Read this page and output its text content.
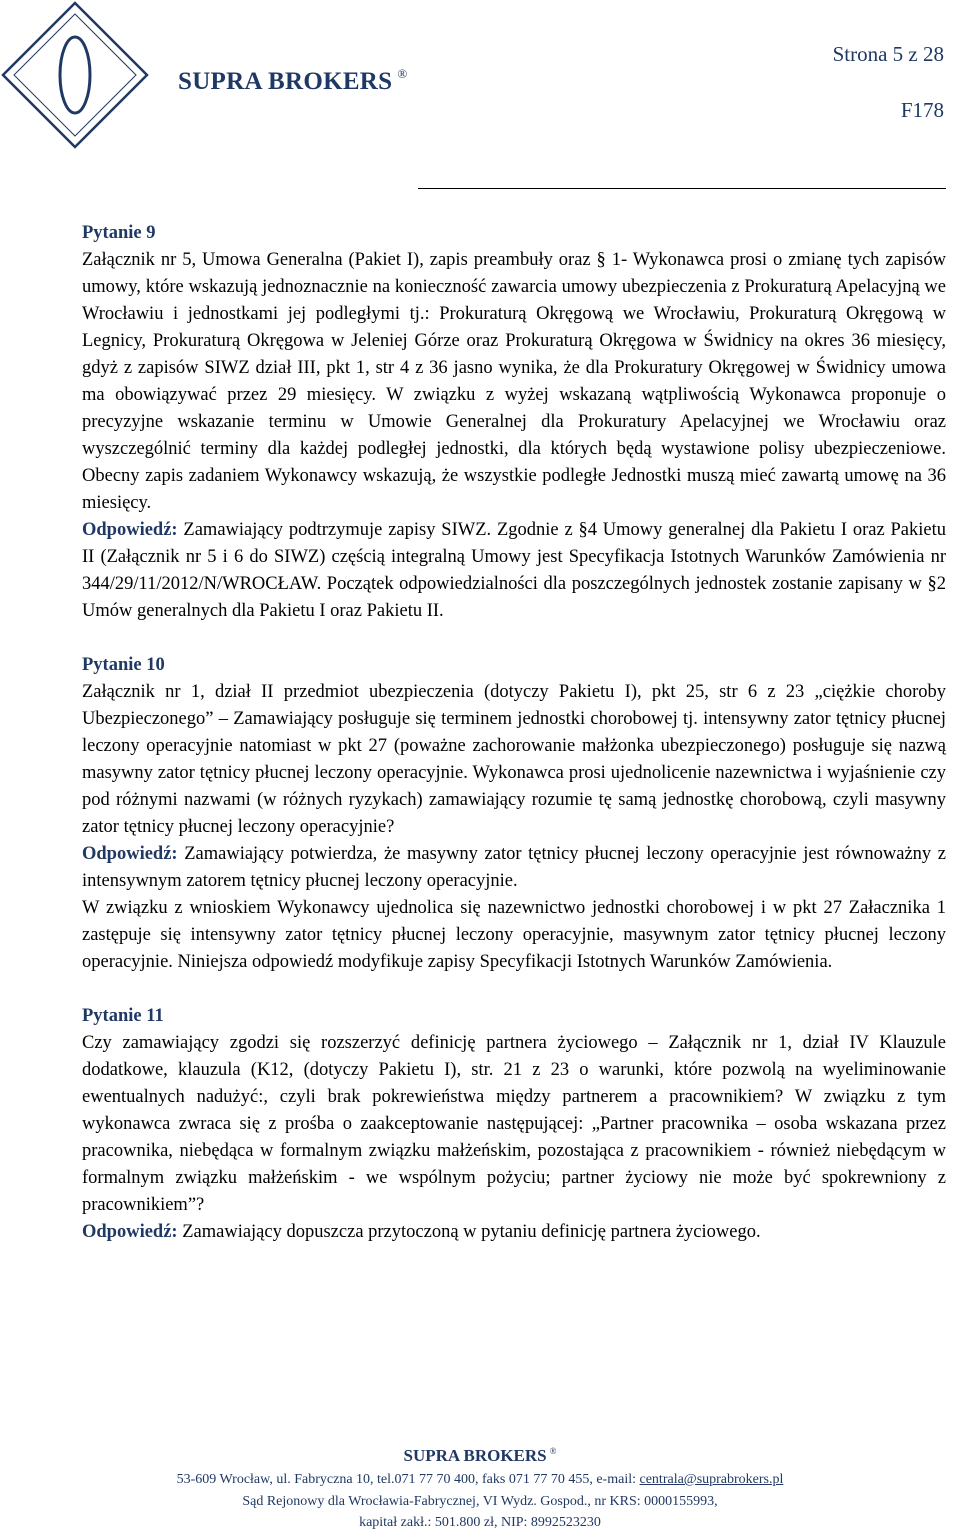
SUPRA BROKERS ®
Strona 5 z 28
F178
Pytanie 9

Załącznik nr 5, Umowa Generalna (Pakiet I), zapis preambuły oraz § 1- Wykonawca prosi o zmianę tych zapisów umowy, które wskazują jednoznacznie na konieczność zawarcia umowy ubezpieczenia z Prokuraturą Apelacyjną we Wrocławiu i jednostkami jej podległymi tj.: Prokuraturą Okręgową we Wrocławiu, Prokuraturą Okręgową w Legnicy, Prokuraturą Okręgowa w Jeleniej Górze oraz Prokuraturą Okręgowa w Świdnicy na okres 36 miesięcy, gdyż z zapisów SIWZ dział III, pkt 1, str 4 z 36 jasno wynika, że dla Prokuratury Okręgowej w Świdnicy umowa ma obowiązywać przez 29 miesięcy. W związku z wyżej wskazaną wątpliwością Wykonawca proponuje o precyzyjne wskazanie terminu w Umowie Generalnej dla Prokuratury Apelacyjnej we Wrocławiu oraz wyszczególnić terminy dla każdej podległej jednostki, dla których będą wystawione polisy ubezpieczeniowe. Obecny zapis zadaniem Wykonawcy wskazują, że wszystkie podległe Jednostki muszą mieć zawartą umowę na 36 miesięcy.

Odpowiedź: Zamawiający podtrzymuje zapisy SIWZ. Zgodnie z §4 Umowy generalnej dla Pakietu I oraz Pakietu II (Załącznik nr 5 i 6 do SIWZ) częścią integralną Umowy jest Specyfikacja Istotnych Warunków Zamówienia nr 344/29/11/2012/N/WROCŁAW. Początek odpowiedzialności dla poszczególnych jednostek zostanie zapisany w §2 Umów generalnych dla Pakietu I oraz Pakietu II.

Pytanie 10

Załącznik nr 1, dział II przedmiot ubezpieczenia (dotyczy Pakietu I), pkt 25, str 6 z 23 „ciężkie choroby Ubezpieczonego” – Zamawiający posługuje się terminem jednostki chorobowej tj. intensywny zator tętnicy płucnej leczony operacyjnie natomiast w pkt 27 (poważne zachorowanie małżonka ubezpieczonego) posługuje się nazwą masywny zator tętnicy płucnej leczony operacyjnie. Wykonawca prosi ujednolicenie nazewnictwa i wyjaśnienie czy pod różnymi nazwami (w różnych ryzykach) zamawiający rozumie tę samą jednostkę chorobową, czyli masywny zator tętnicy płucnej leczony operacyjnie?

Odpowiedź: Zamawiający potwierdza, że masywny zator tętnicy płucnej leczony operacyjnie jest równoważny z intensywnym zatorem tętnicy płucnej leczony operacyjnie.

W związku z wnioskiem Wykonawcy ujednolica się nazewnictwo jednostki chorobowej i w pkt 27 Załacznika 1 zastępuje się intensywny zator tętnicy płucnej leczony operacyjnie, masywnym zator tętnicy płucnej leczony operacyjnie. Niniejsza odpowiedź modyfikuje zapisy Specyfikacji Istotnych Warunków Zamówienia.

Pytanie 11

Czy zamawiający zgodzi się rozszerzyć definicję partnera życiowego – Załącznik nr 1, dział IV Klauzule dodatkowe, klauzula (K12, (dotyczy Pakietu I), str. 21 z 23 o warunki, które pozwolą na wyeliminowanie ewentualnych nadużyć:, czyli brak pokrewieństwa między partnerem a pracownikiem? W związku z tym wykonawca zwraca się z prośba o zaakceptowanie następującej: „Partner pracownika – osoba wskazana przez pracownika, niebędąca w formalnym związku małżeńskim, pozostająca z pracownikiem - również niebędącym w formalnym związku małżeńskim - we wspólnym pożyciu; partner życiowy nie może być spokrewniony z pracownikiem”?

Odpowiedź: Zamawiający dopuszcza przytoczoną w pytaniu definicję partnera życiowego.

SUPRA BROKERS ®
53-609 Wrocław, ul. Fabryczna 10, tel.071 77 70 400, faks 071 77 70 455, e-mail: centrala@suprabrokers.pl
Sąd Rejonowy dla Wrocławia-Fabrycznej, VI Wydz. Gospod., nr KRS: 0000155993,
kapitał zakł.: 501.800 zł, NIP: 8992523230
